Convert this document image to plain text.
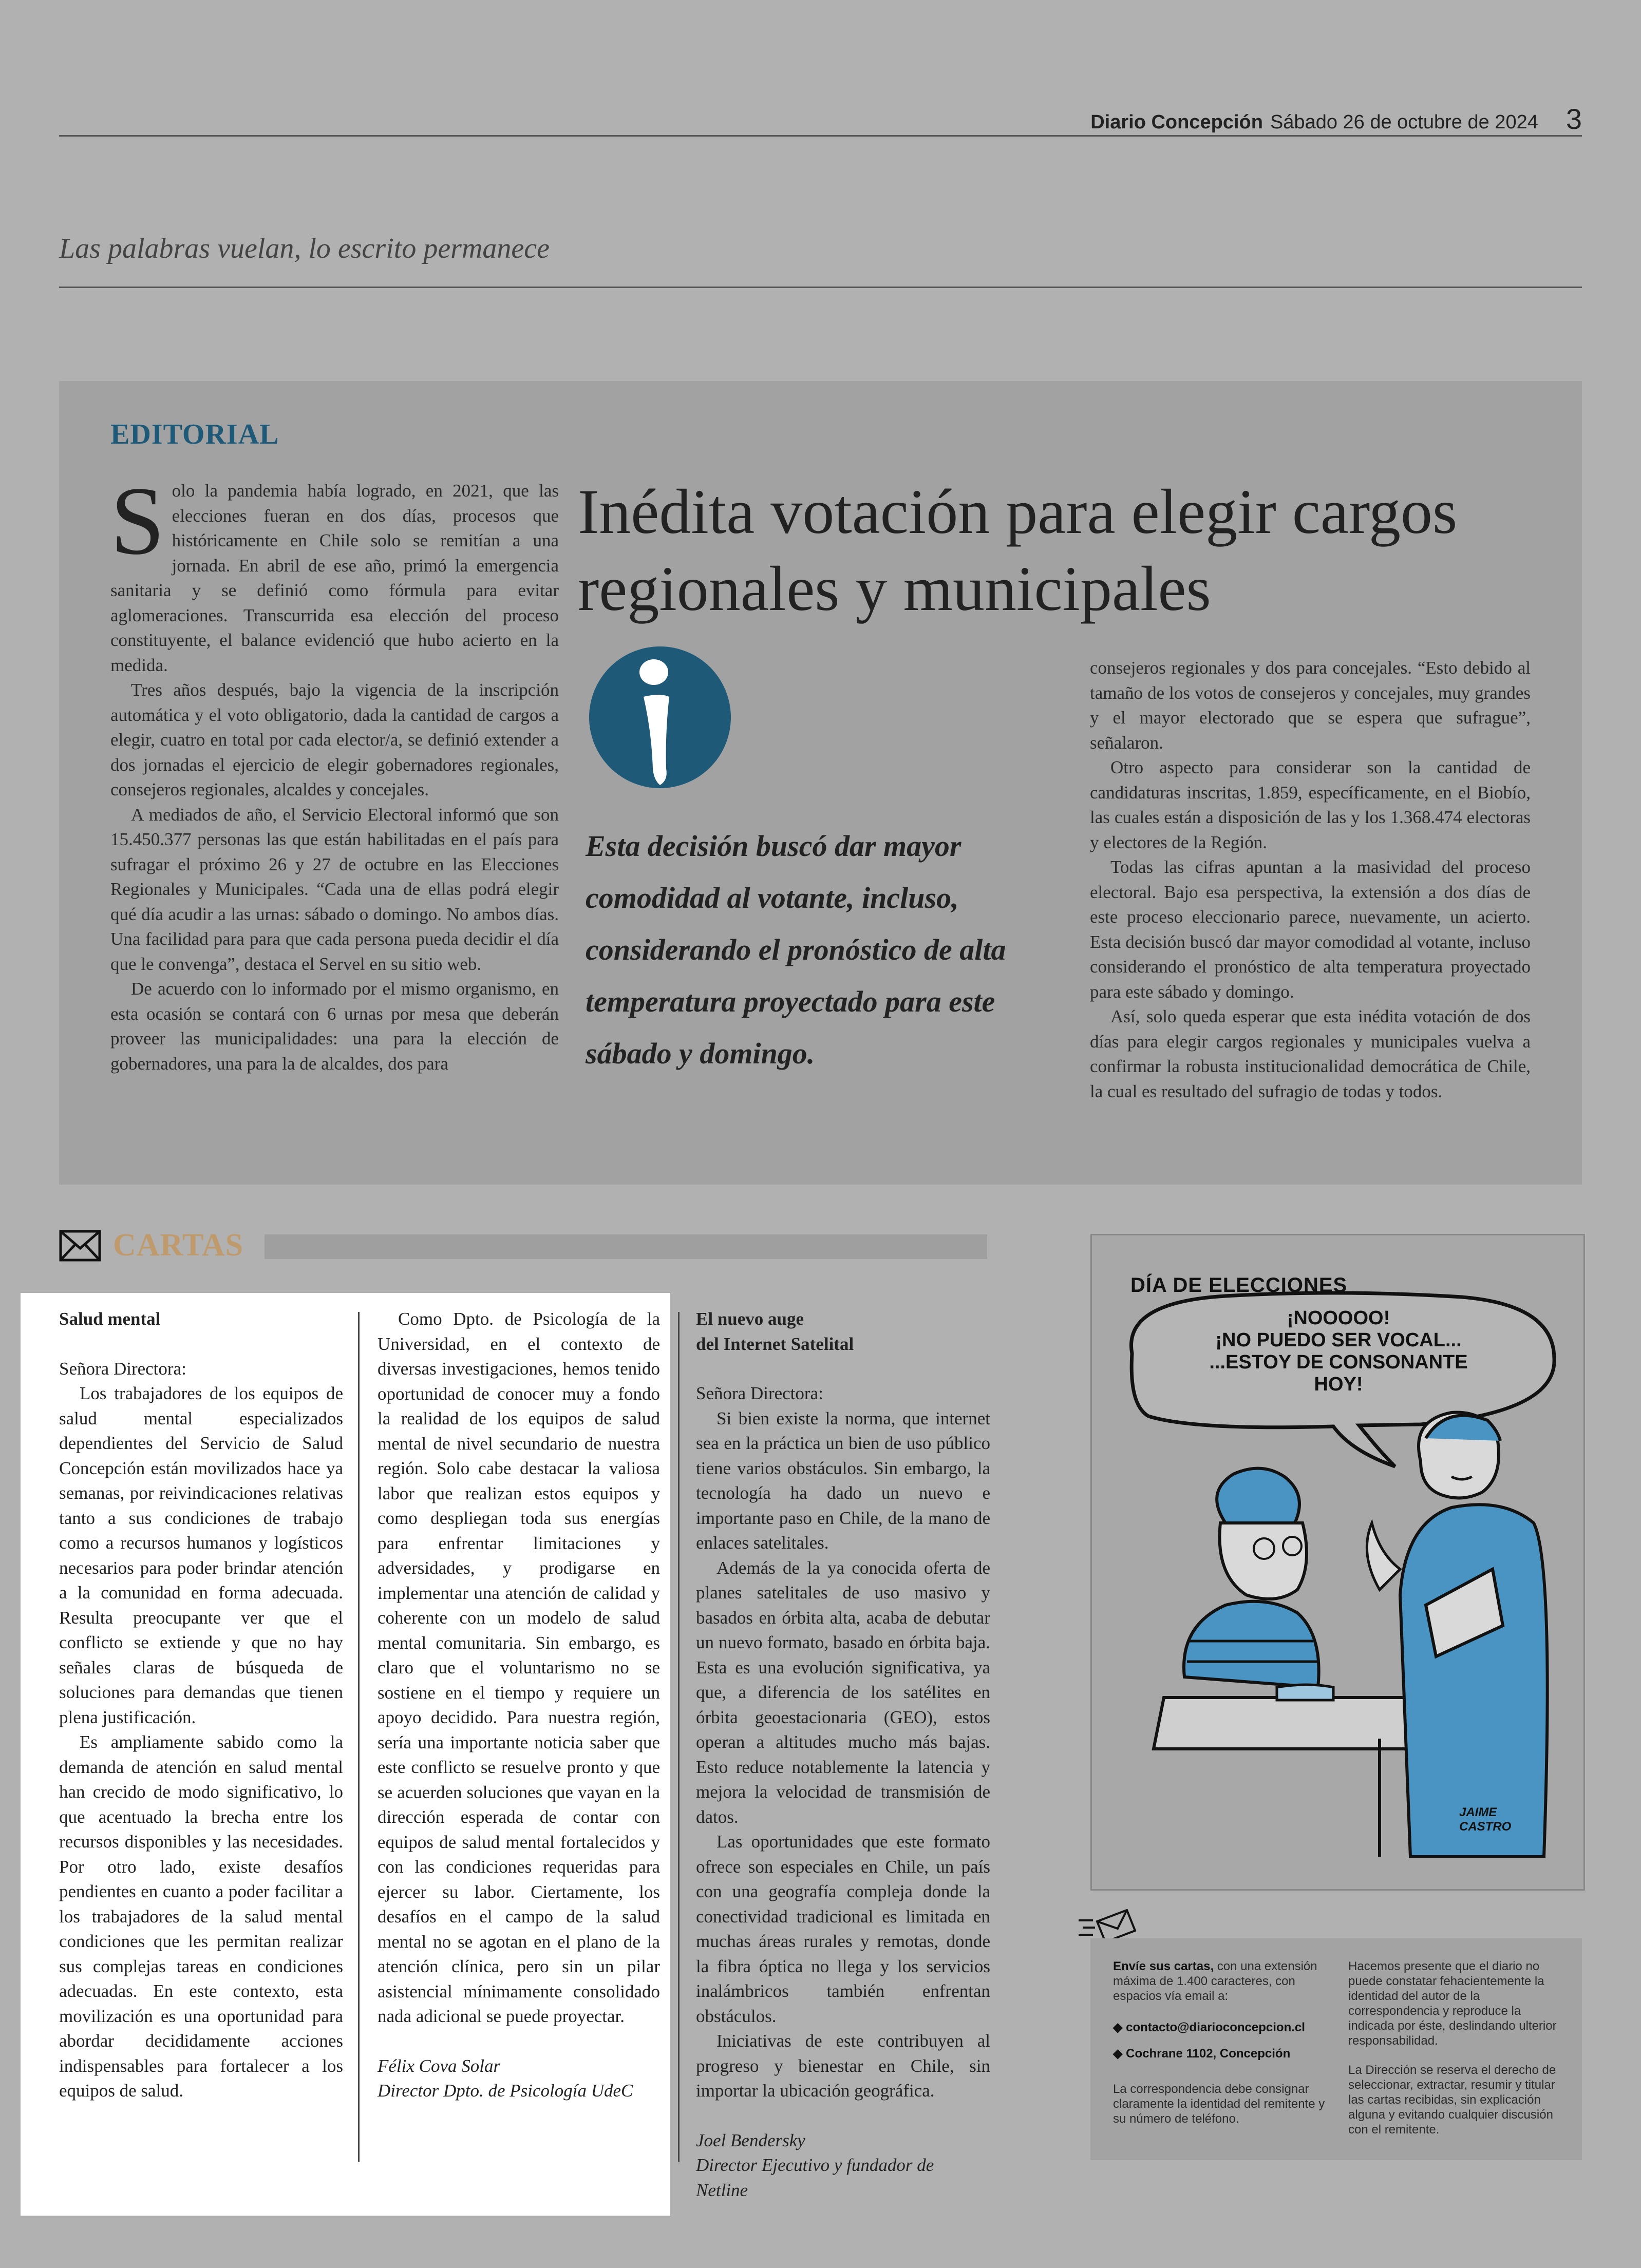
Diario Concepción Sábado 26 de octubre de 2024 3
Las palabras vuelan, lo escrito permanece
EDITORIAL

Solo la pandemia había logrado, en 2021, que las elecciones fueran en dos días, procesos que históricamente en Chile solo se remitían a una jornada. En abril de ese año, primó la emergencia sanitaria y se definió como fórmula para evitar aglomeraciones. Transcurrida esa elección del proceso constituyente, el balance evidenció que hubo acierto en la medida.

Tres años después, bajo la vigencia de la inscripción automática y el voto obligatorio, dada la cantidad de cargos a elegir, cuatro en total por cada elector/a, se definió extender a dos jornadas el ejercicio de elegir gobernadores regionales, consejeros regionales, alcaldes y concejales.

A mediados de año, el Servicio Electoral informó que son 15.450.377 personas las que están habilitadas en el país para sufragar el próximo 26 y 27 de octubre en las Elecciones Regionales y Municipales. “Cada una de ellas podrá elegir qué día acudir a las urnas: sábado o domingo. No ambos días. Una facilidad para para que cada persona pueda decidir el día que le convenga”, destaca el Servel en su sitio web.

De acuerdo con lo informado por el mismo organismo, en esta ocasión se contará con 6 urnas por mesa que deberán proveer las municipalidades: una para la elección de gobernadores, una para la de alcaldes, dos para

Inédita votación para elegir cargos regionales y municipales
Esta decisión buscó dar mayor comodidad al votante, incluso, considerando el pronóstico de alta temperatura proyectado para este sábado y domingo.

consejeros regionales y dos para concejales. “Esto debido al tamaño de los votos de consejeros y concejales, muy grandes y el mayor electorado que se espera que sufrague”, señalaron.

Otro aspecto para considerar son la cantidad de candidaturas inscritas, 1.859, específicamente, en el Biobío, las cuales están a disposición de las y los 1.368.474 electoras y electores de la Región.

Todas las cifras apuntan a la masividad del proceso electoral. Bajo esa perspectiva, la extensión a dos días de este proceso eleccionario parece, nuevamente, un acierto. Esta decisión buscó dar mayor comodidad al votante, incluso considerando el pronóstico de alta temperatura proyectado para este sábado y domingo.

Así, solo queda esperar que esta inédita votación de dos días para elegir cargos regionales y municipales vuelva a confirmar la robusta institucionalidad democrática de Chile, la cual es resultado del sufragio de todas y todos.

CARTAS

Salud mental

Señora Directora:

Los trabajadores de los equipos de salud mental especializados dependientes del Servicio de Salud Concepción están movilizados hace ya semanas, por reivindicaciones relativas tanto a sus condiciones de trabajo como a recursos humanos y logísticos necesarios para poder brindar atención a la comunidad en forma adecuada. Resulta preocupante ver que el conflicto se extiende y que no hay señales claras de búsqueda de soluciones para demandas que tienen plena justificación.

Es ampliamente sabido como la demanda de atención en salud mental han crecido de modo significativo, lo que acentuado la brecha entre los recursos disponibles y las necesidades. Por otro lado, existe desafíos pendientes en cuanto a poder facilitar a los trabajadores de la salud mental condiciones que les permitan realizar sus complejas tareas en condiciones adecuadas. En este contexto, esta movilización es una oportunidad para abordar decididamente acciones indispensables para fortalecer a los equipos de salud.

Como Dpto. de Psicología de la Universidad, en el contexto de diversas investigaciones, hemos tenido oportunidad de conocer muy a fondo la realidad de los equipos de salud mental de nivel secundario de nuestra región. Solo cabe destacar la valiosa labor que realizan estos equipos y como despliegan toda sus energías para enfrentar limitaciones y adversidades, y prodigarse en implementar una atención de calidad y coherente con un modelo de salud mental comunitaria. Sin embargo, es claro que el voluntarismo no se sostiene en el tiempo y requiere un apoyo decidido. Para nuestra región, sería una importante noticia saber que este conflicto se resuelve pronto y que se acuerden soluciones que vayan en la dirección esperada de contar con equipos de salud mental fortalecidos y con las condiciones requeridas para ejercer su labor. Ciertamente, los desafíos en el campo de la salud mental no se agotan en el plano de la atención clínica, pero sin un pilar asistencial mínimamente consolidado nada adicional se puede proyectar.

Félix Cova Solar

Director Dpto. de Psicología UdeC

El nuevo auge

del Internet Satelital

Señora Directora:

Si bien existe la norma, que internet sea en la práctica un bien de uso público tiene varios obstáculos. Sin embargo, la tecnología ha dado un nuevo e importante paso en Chile, de la mano de enlaces satelitales.

Además de la ya conocida oferta de planes satelitales de uso masivo y basados en órbita alta, acaba de debutar un nuevo formato, basado en órbita baja. Esta es una evolución significativa, ya que, a diferencia de los satélites en órbita geoestacionaria (GEO), estos operan a altitudes mucho más bajas. Esto reduce notablemente la latencia y mejora la velocidad de transmisión de datos.

Las oportunidades que este formato ofrece son especiales en Chile, un país con una geografía compleja donde la conectividad tradicional es limitada en muchas áreas rurales y remotas, donde la fibra óptica no llega y los servicios inalámbricos también enfrentan obstáculos.

Iniciativas de este contribuyen al progreso y bienestar en Chile, sin importar la ubicación geográfica.

Joel Bendersky

Director Ejecutivo y fundador de

Netline

DÍA DE ELECCIONES
¡NOOOOO!
¡NO PUEDO SER VOCAL...
...ESTOY DE CONSONANTE
HOY!
JAIME
CASTRO
Envíe sus cartas, con una extensión máxima de 1.400 caracteres, con espacios vía email a:
◆ contacto@diarioconcepcion.cl
◆ Cochrane 1102, Concepción
La correspondencia debe consignar claramente la identidad del remitente y su número de teléfono.
Hacemos presente que el diario no puede constatar fehacientemente la identidad del autor de la correspondencia y reproduce la indicada por éste, deslindando ulterior responsabilidad.
La Dirección se reserva el derecho de seleccionar, extractar, resumir y titular las cartas recibidas, sin explicación alguna y evitando cualquier discusión con el remitente.
